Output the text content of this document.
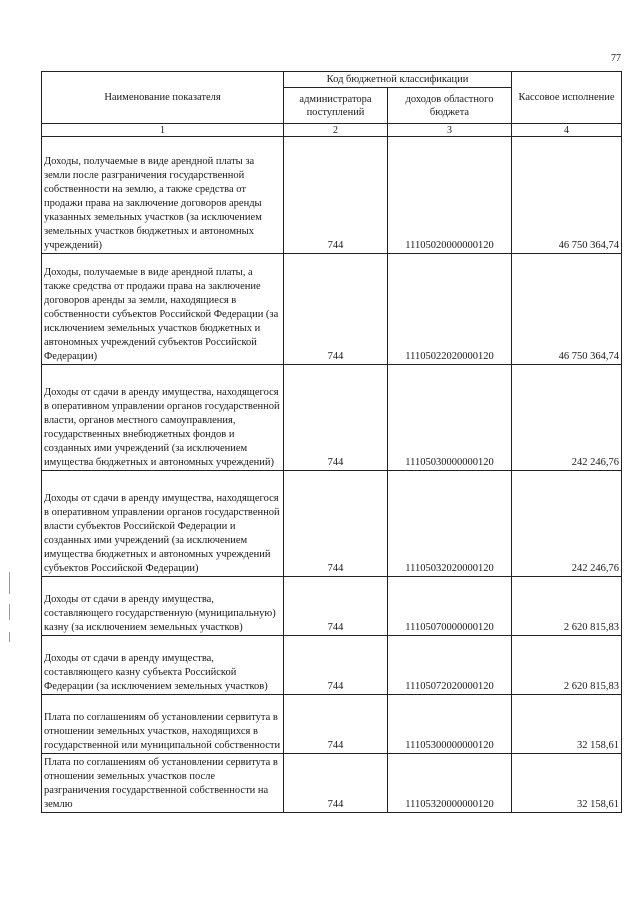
77
Наименование показателя	Код бюджетной классификации		Кассовое исполнение
	администратора поступлений	доходов областного бюджета	
1	2	3	4
Доходы, получаемые в виде арендной платы за земли после разграничения государственной собственности на землю, а также средства от продажи права на заключение договоров аренды указанных земельных участков (за исключением земельных участков бюджетных и автономных учреждений)	744	11105020000000120	46 750 364,74
Доходы, получаемые в виде арендной платы, а также средства от продажи права на заключение договоров аренды за земли, находящиеся в собственности субъектов Российской Федерации (за исключением земельных участков бюджетных и автономных учреждений субъектов Российской Федерации)	744	11105022020000120	46 750 364,74
Доходы от сдачи в аренду имущества, находящегося в оперативном управлении органов государственной власти, органов местного самоуправления, государственных внебюджетных фондов и созданных ими учреждений (за исключением имущества бюджетных и автономных учреждений)	744	11105030000000120	242 246,76
Доходы от сдачи в аренду имущества, находящегося в оперативном управлении органов государственной власти субъектов Российской Федерации и созданных ими учреждений (за исключением имущества бюджетных и автономных учреждений субъектов Российской Федерации)	744	11105032020000120	242 246,76
Доходы от сдачи в аренду имущества, составляющего государственную (муниципальную) казну (за исключением земельных участков)	744	11105070000000120	2 620 815,83
Доходы от сдачи в аренду имущества, составляющего казну субъекта Российской Федерации (за исключением земельных участков)	744	11105072020000120	2 620 815,83
Плата по соглашениям об установлении сервитута в отношении земельных участков, находящихся в государственной или муниципальной собственности	744	11105300000000120	32 158,61
Плата по соглашениям об установлении сервитута в отношении земельных участков после разграничения государственной собственности на землю	744	11105320000000120	32 158,61
